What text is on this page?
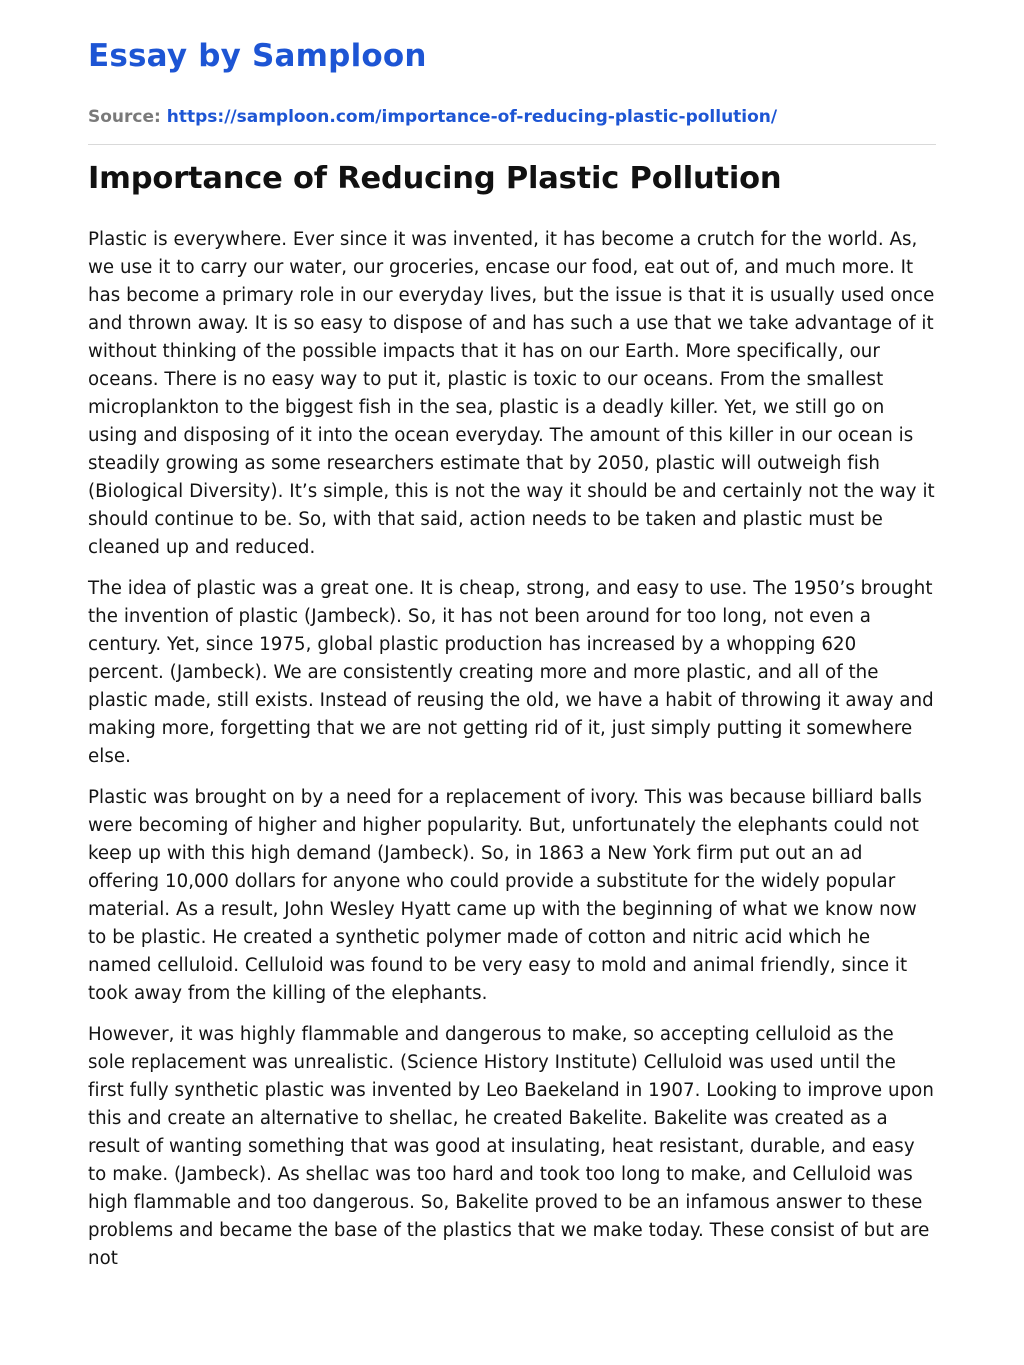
Essay by Samploon
Source: https://samploon.com/importance-of-reducing-plastic-pollution/
Importance of Reducing Plastic Pollution

Plastic is everywhere. Ever since it was invented, it has become a crutch for the world. As, we use it to carry our water, our groceries, encase our food, eat out of, and much more. It has become a primary role in our everyday lives, but the issue is that it is usually used once and thrown away. It is so easy to dispose of and has such a use that we take advantage of it without thinking of the possible impacts that it has on our Earth. More specifically, our oceans. There is no easy way to put it, plastic is toxic to our oceans. From the smallest microplankton to the biggest fish in the sea, plastic is a deadly killer. Yet, we still go on using and disposing of it into the ocean everyday. The amount of this killer in our ocean is steadily growing as some researchers estimate that by 2050, plastic will outweigh fish (Biological Diversity). It’s simple, this is not the way it should be and certainly not the way it should continue to be. So, with that said, action needs to be taken and plastic must be cleaned up and reduced.

The idea of plastic was a great one. It is cheap, strong, and easy to use. The 1950’s brought the invention of plastic (Jambeck). So, it has not been around for too long, not even a century. Yet, since 1975, global plastic production has increased by a whopping 620 percent. (Jambeck). We are consistently creating more and more plastic, and all of the plastic made, still exists. Instead of reusing the old, we have a habit of throwing it away and making more, forgetting that we are not getting rid of it, just simply putting it somewhere else.

Plastic was brought on by a need for a replacement of ivory. This was because billiard balls were becoming of higher and higher popularity. But, unfortunately the elephants could not keep up with this high demand (Jambeck). So, in 1863 a New York firm put out an ad offering 10,000 dollars for anyone who could provide a substitute for the widely popular material. As a result, John Wesley Hyatt came up with the beginning of what we know now to be plastic. He created a synthetic polymer made of cotton and nitric acid which he named celluloid. Celluloid was found to be very easy to mold and animal friendly, since it took away from the killing of the elephants.

However, it was highly flammable and dangerous to make, so accepting celluloid as the sole replacement was unrealistic. (Science History Institute) Celluloid was used until the first fully synthetic plastic was invented by Leo Baekeland in 1907. Looking to improve upon this and create an alternative to shellac, he created Bakelite. Bakelite was created as a result of wanting something that was good at insulating, heat resistant, durable, and easy to make. (Jambeck). As shellac was too hard and took too long to make, and Celluloid was high flammable and too dangerous. So, Bakelite proved to be an infamous answer to these problems and became the base of the plastics that we make today. These consist of but are not
